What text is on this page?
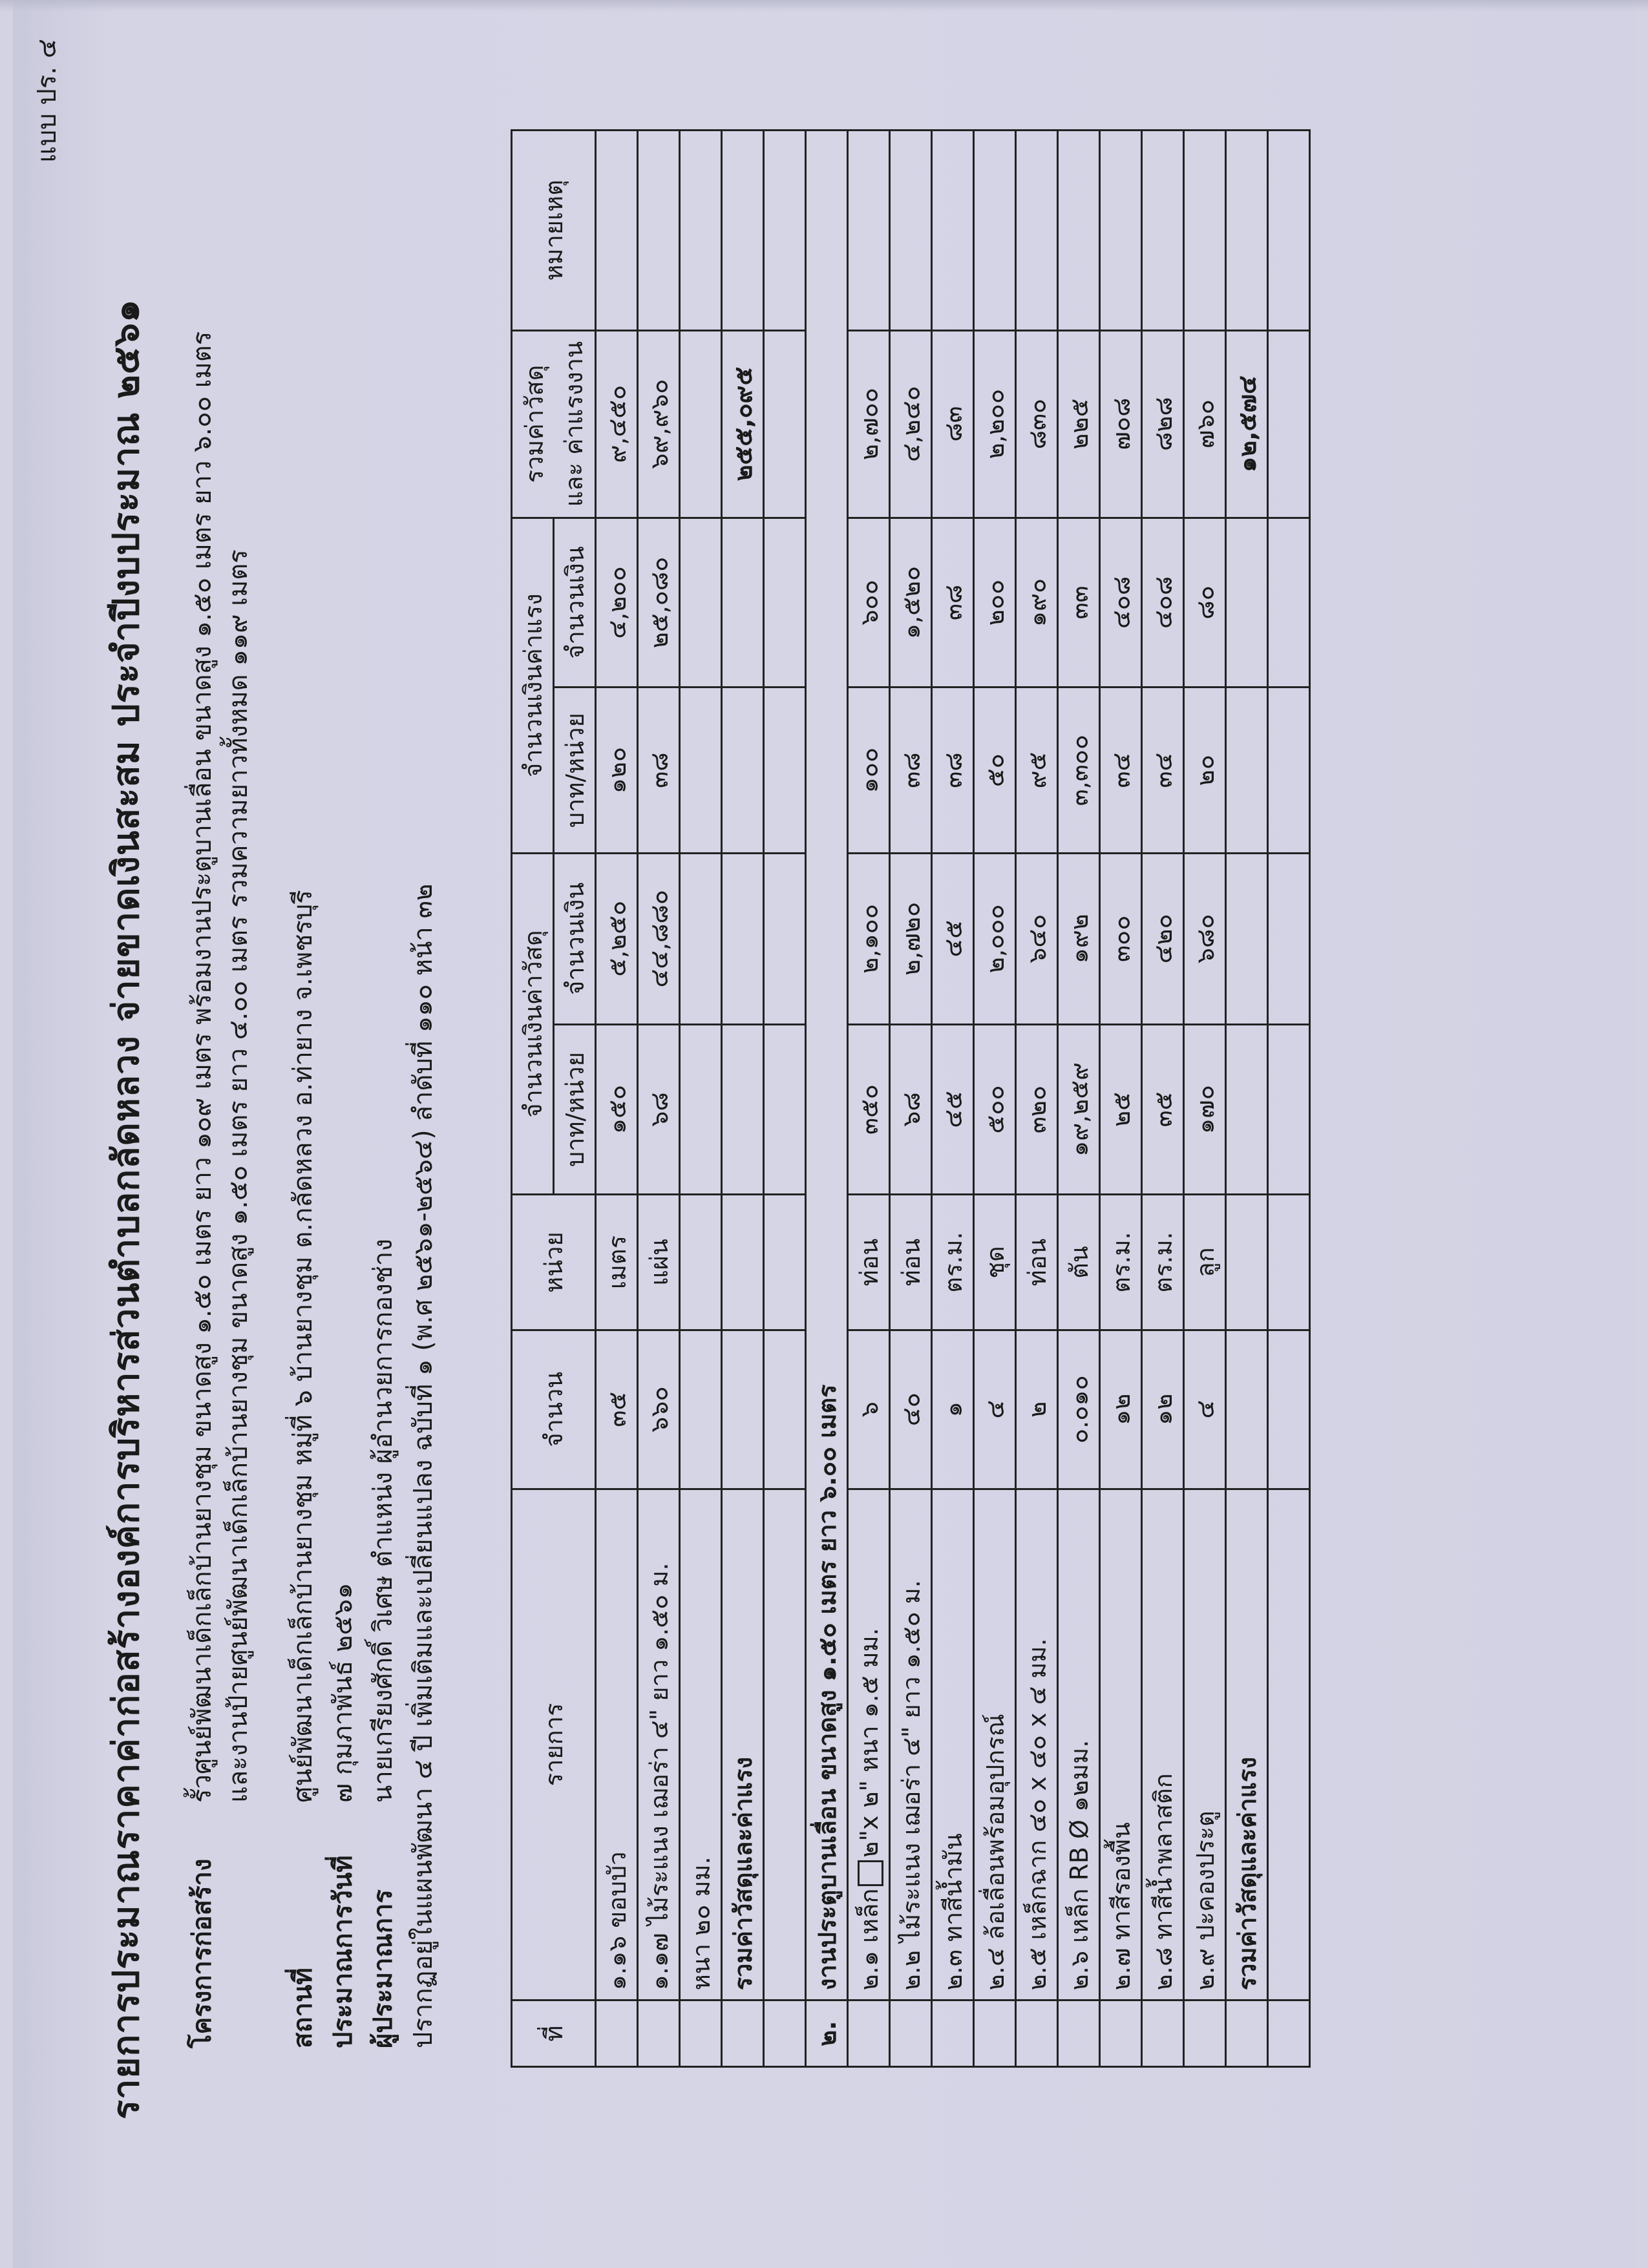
แบบ ปร. ๔
รายการประมาณราคาค่าก่อสร้างองค์การบริหารส่วนตำบลกลัดหลวง จ่ายขาดเงินสะสม ประจำปีงบประมาณ ๒๕๖๑ โครงการก่อสร้าง
รั้วศูนย์พัฒนาเด็กเล็กบ้านยางชุม ขนาดสูง ๑.๕๐ เมตร ยาว ๑๐๙ เมตร พร้อมงานประตูบานเลื่อน ขนาดสูง ๑.๕๐ เมตร ยาว ๖.๐๐ เมตร และงานป้ายศูนย์พัฒนาเด็กเล็กบ้านยางชุม ขนาดสูง ๑.๕๐ เมตร ยาว ๔.๐๐ เมตร รวมความยาวทั้งหมด ๑๑๙ เมตร
สถานที่
ศูนย์พัฒนาเด็กเล็กบ้านยางชุม หมู่ที่ ๖ บ้านยางชุม ต.กลัดหลวง อ.ท่ายาง จ.เพชรบุรี
ประมาณการวันที่
๗ กุมภาพันธ์ ๒๕๖๑
ผู้ประมาณการ
นายเกรียงศักดิ์ วิเศษ ตำแหน่ง ผู้อำนวยการกองช่าง ปรากฏอยู่ในแผนพัฒนา ๔ ปี เพิ่มเติมและเปลี่ยนแปลง ฉบับที่ ๑ (พ.ศ ๒๕๖๑-๒๕๖๔) ลำดับที่ ๑๑๐ หน้า ๓๒	ที่	รายการ	จำนวน	หน่วย	จำนวนเงินค่าวัสดุ		จำนวนเงินค่าแรง		รวมค่าวัสดุ และ ค่าแรงงาน	หมายเหตุ
				บาท/หน่วย	จำนวนเงิน	บาท/หน่วย	จำนวนเงิน		
	๑.๑๖ ขอบบัว	๓๕	เมตร	๑๕๐	๕,๒๕๐	๑๒๐	๔,๒๐๐	๙,๔๕๐	
	๑.๑๗ ไม้ระแนง เฌอร่า ๔" ยาว ๑.๕๐ ม.	๖๖๐	แผ่น	๖๘	๔๔,๘๘๐	๓๘	๒๕,๐๘๐	๖๙,๙๖๐	
	หนา ๒๐ มม.								
	รวมค่าวัสดุและค่าแรง							๒๕๕,๐๙๕	

๒.	งานประตูบานเลื่อน ขนาดสูง ๑.๕๐ เมตร ยาว ๖.๐๐ เมตร								
	๒.๑ เหล็ก๒"x ๒" หนา ๑.๕ มม.	๖	ท่อน	๓๕๐	๒,๑๐๐	๑๐๐	๖๐๐	๒,๗๐๐	
	๒.๒ ไม้ระแนง เฌอร่า ๔" ยาว ๑.๕๐ ม.	๔๐	ท่อน	๖๘	๒,๗๒๐	๓๘	๑,๕๒๐	๔,๒๔๐	
	๒.๓ ทาสีน้ำมัน	๑	ตร.ม.	๔๕	๔๕	๓๘	๓๘	๘๓	
	๒.๔ ล้อเลื่อนพร้อมอุปกรณ์	๔	ชุด	๕๐๐	๒,๐๐๐	๕๐	๒๐๐	๒,๒๐๐	
	๒.๕ เหล็กฉาก ๔๐ x ๔๐ x ๔ มม.	๒	ท่อน	๓๒๐	๖๔๐	๙๕	๑๙๐	๘๓๐	
	๒.๖ เหล็ก RB Ø ๑๒มม.	๐.๐๑๐	ตัน	๑๙,๒๕๙	๑๙๒	๓,๓๐๐	๓๓	๒๒๕	
	๒.๗ ทาสีรองพื้น	๑๒	ตร.ม.	๒๕	๓๐๐	๓๔	๔๐๘	๗๐๘	
	๒.๘ ทาสีน้ำพลาสติก	๑๒	ตร.ม.	๓๕	๔๒๐	๓๔	๔๐๘	๘๒๘	
	๒.๙ ปะคองประตู	๔	ลูก	๑๗๐	๖๘๐	๒๐	๘๐	๗๖๐	
	รวมค่าวัสดุและค่าแรง							๑๒,๕๗๔	
